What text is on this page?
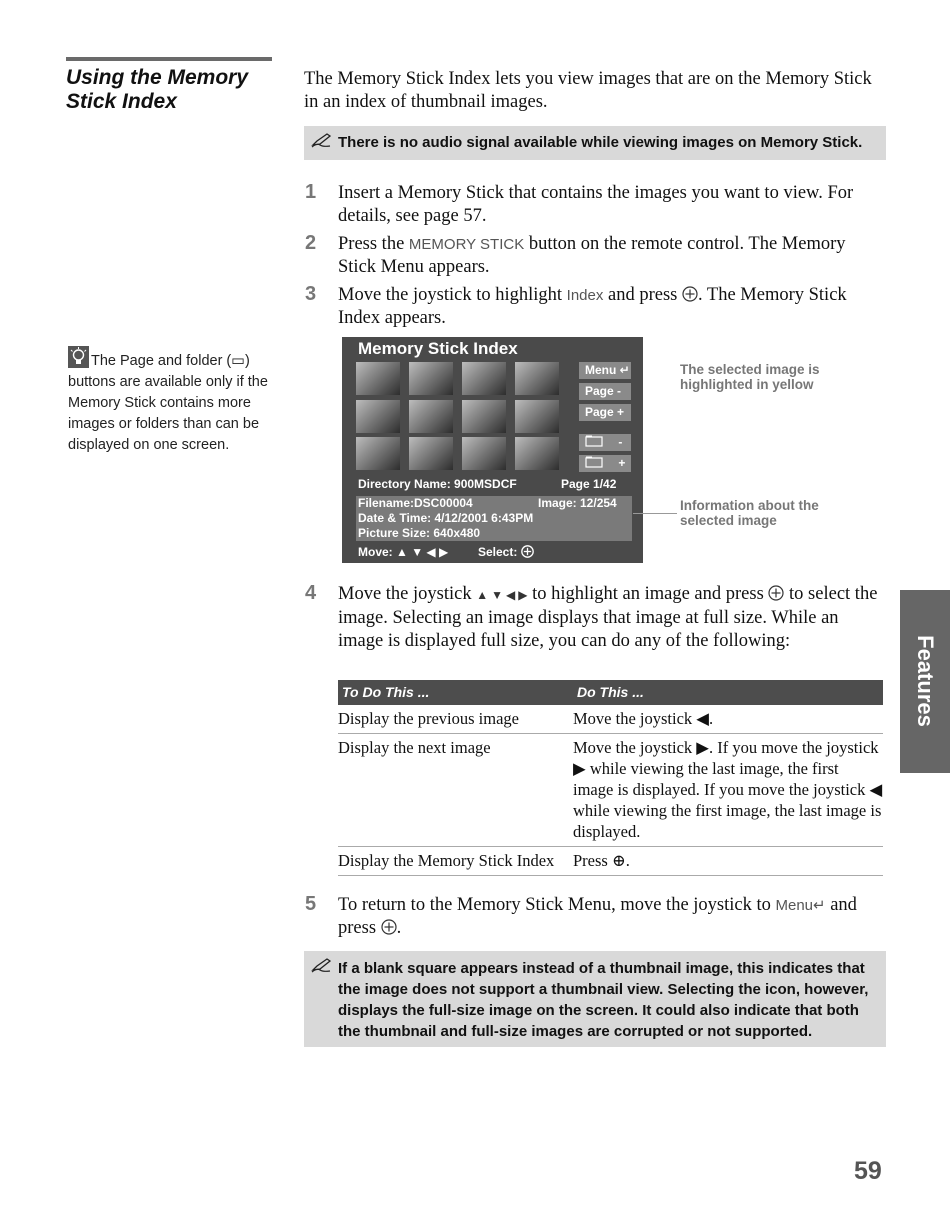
Using the Memory Stick Index
The Memory Stick Index lets you view images that are on the Memory Stick in an index of thumbnail images.
There is no audio signal available while viewing images on Memory Stick.
1 Insert a Memory Stick that contains the images you want to view. For details, see page 57.
2 Press the MEMORY STICK button on the remote control. The Memory Stick Menu appears.
3 Move the joystick to highlight Index and press . The Memory Stick Index appears.
The Page and folder (▭) buttons are available only if the Memory Stick contains more images or folders than can be displayed on one screen.
Memory Stick Index
Menu ↵
Page -
Page +
-
+
Directory Name: 900MSDCF	Page 1/42
Filename:DSC00004	Image: 12/254
Date & Time: 4/12/2001 6:43PM
Picture Size: 640x480
Move: ▲ ▼ ◀ ▶ Select:
The selected image is highlighted in yellow
Information about the selected image
4 Move the joystick ▲ ▼ ◀ ▶ to highlight an image and press to select the image. Selecting an image displays that image at full size. While an image is displayed full size, you can do any of the following:
To Do This ...	Do This ...
Display the previous image	Move the joystick ◀.
Display the next image	Move the joystick ▶. If you move the joystick ▶ while viewing the last image, the first image is displayed. If you move the joystick ◀ while viewing the first image, the last image is displayed.
Display the Memory Stick Index	Press ⊕.
5 To return to the Memory Stick Menu, move the joystick to Menu↵ and press .
If a blank square appears instead of a thumbnail image, this indicates that the image does not support a thumbnail view. Selecting the icon, however, displays the full-size image on the screen. It could also indicate that both the thumbnail and full-size images are corrupted or not supported.
Features
59
